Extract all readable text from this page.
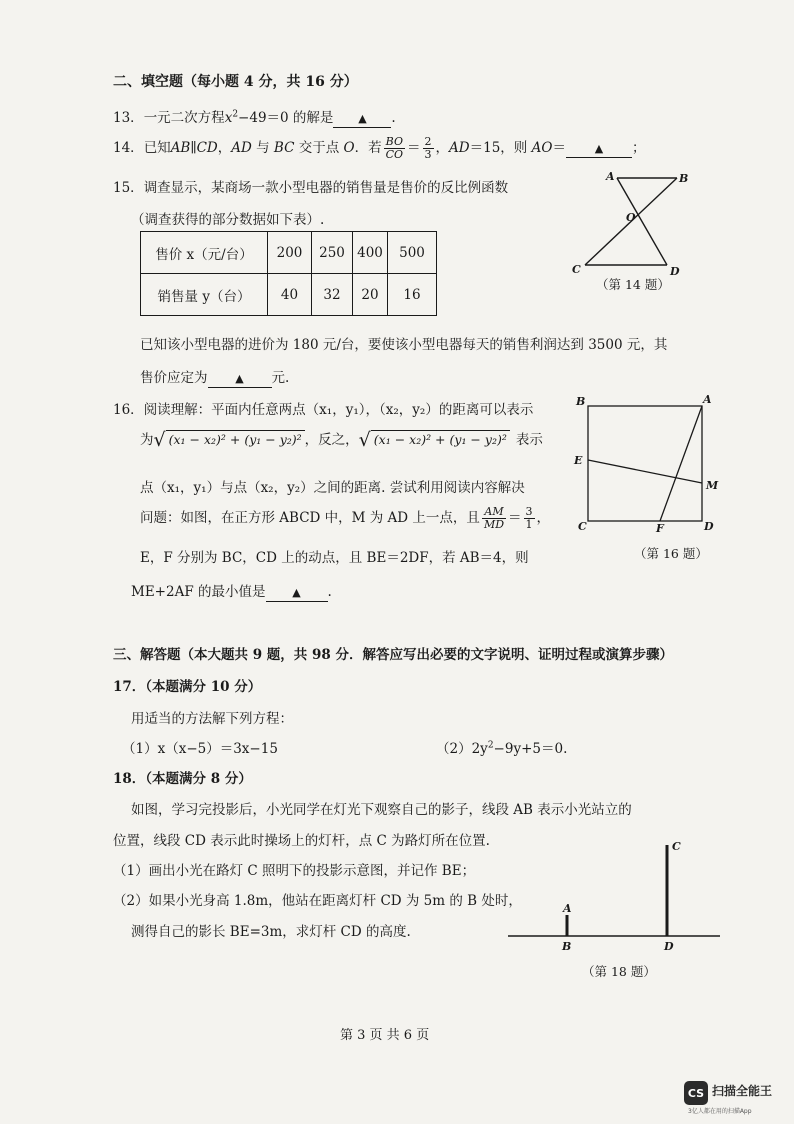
二、填空题（每小题 4 分，共 16 分）
13．一元二次方程$x^2-49=0$ 的解是 ▲ .
14．已知AB∥CD，AD 与 BC 交于点 O．若 $\frac{BO}{CO} = \frac{2}{3}$ ，AD＝15，则 AO＝	▲ ；
15．调查显示，某商场一款小型电器的销售量是售价的反比例函数
（调查获得的部分数据如下表）.
售价 x（元/台）	200	250	400	500
销售量 y（台）	40	32	20	16
已知该小型电器的进价为 180 元/台，要使该小型电器每天的销售利润达到 3500 元，其
售价应定为	▲ 元.
A	B
O
C	D
（第 14 题）
16．阅读理解：平面内任意两点（x₁，y₁），（x₂，y₂）的距离可以表示
为√ (x₁ − x₂)² + (y₁ − y₂)² ，反之，√ (x₁ − x₂)² + (y₁ − y₂)² 表示
点（x₁，y₁）与点（x₂，y₂）之间的距离. 尝试利用阅读内容解决
问题：如图，在正方形 ABCD 中，M 为 AD 上一点，且 $\frac{AM}{MD} = \frac{3}{1}$ ，
E，F 分别为 BC，CD 上的动点，且 BE＝2DF，若 AB＝4，则
ME+2AF 的最小值是 ▲ .
B	A
E
M
C	F	D
（第 16 题）
三、解答题（本大题共 9 题，共 98 分．解答应写出必要的文字说明、证明过程或演算步骤）
17．（本题满分 10 分）
用适当的方法解下列方程：
（1）x（x−5）＝3x−15	$(2)2y^2-9y+5=0$.
18．（本题满分 8 分）
如图，学习完投影后，小光同学在灯光下观察自己的影子，线段 AB 表示小光站立的
位置，线段 CD 表示此时操场上的灯杆，点 C 为路灯所在位置.
（1）画出小光在路灯 C 照明下的投影示意图，并记作 BE；
（2）如果小光身高 1.8m，他站在距离灯杆 CD 为 5m 的 B 处时，
测得自己的影长 BE=3m，求灯杆 CD 的高度.
C
A
B	D
（第 18 题）
第 3 页 共 6 页
CS 扫描全能王
3亿人都在用的扫描App
